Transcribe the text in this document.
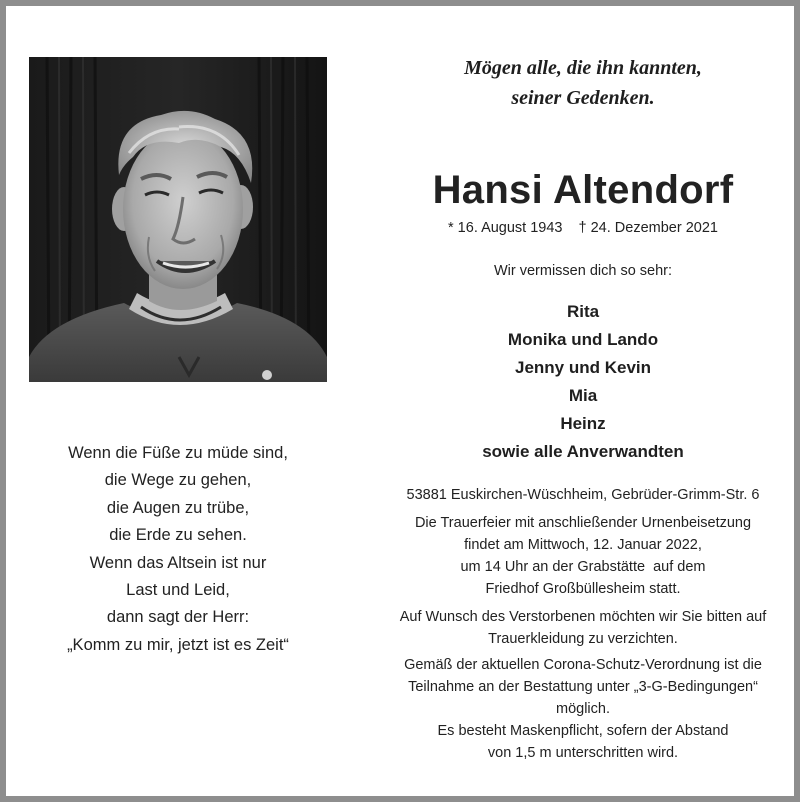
Wenn die Füße zu müde sind,
die Wege zu gehen,
die Augen zu trübe,
die Erde zu sehen.
Wenn das Altsein ist nur
Last und Leid,
dann sagt der Herr:
„Komm zu mir, jetzt ist es Zeit“
Mögen alle, die ihn kannten,
seiner Gedenken.
Hansi Altendorf
* 16. August 1943 † 24. Dezember 2021
Wir vermissen dich so sehr:
Rita
Monika und Lando
Jenny und Kevin
Mia
Heinz
sowie alle Anverwandten
53881 Euskirchen-Wüschheim, Gebrüder-Grimm-Str. 6
Die Trauerfeier mit anschließender Urnenbeisetzung
findet am Mittwoch, 12. Januar 2022,
um 14 Uhr an der Grabstätte  auf dem
Friedhof Großbüllesheim statt.
Auf Wunsch des Verstorbenen möchten wir Sie bitten auf
Trauerkleidung zu verzichten.
Gemäß der aktuellen Corona-Schutz-Verordnung ist die
Teilnahme an der Bestattung unter „3-G-Bedingungen“
möglich.
Es besteht Maskenpflicht, sofern der Abstand
von 1,5 m unterschritten wird.
